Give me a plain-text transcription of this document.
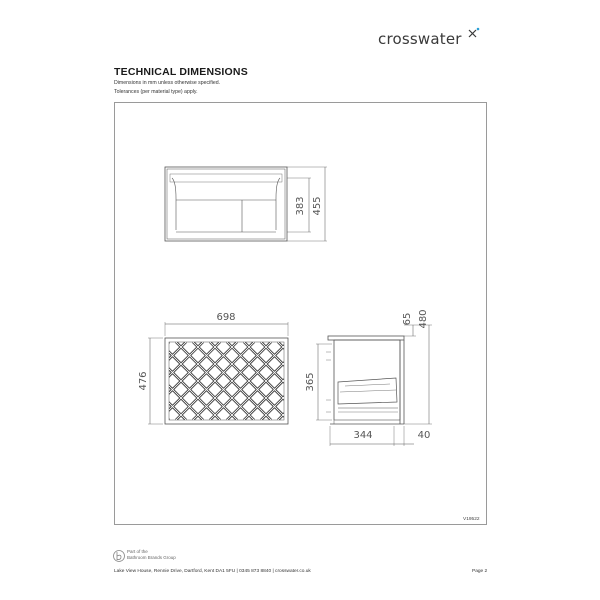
crosswater
TECHNICAL DIMENSIONS
Dimensions in mm unless otherwise specified.
Tolerances (per material type) apply.
383 455
698
476
65 480
365
344	40
V19522
Part of the
Bathroom Brands Group
Lake View House, Rennie Drive, Dartford, Kent DA1 5FU | 0345 873 8840 | crosswater.co.uk	Page 2
